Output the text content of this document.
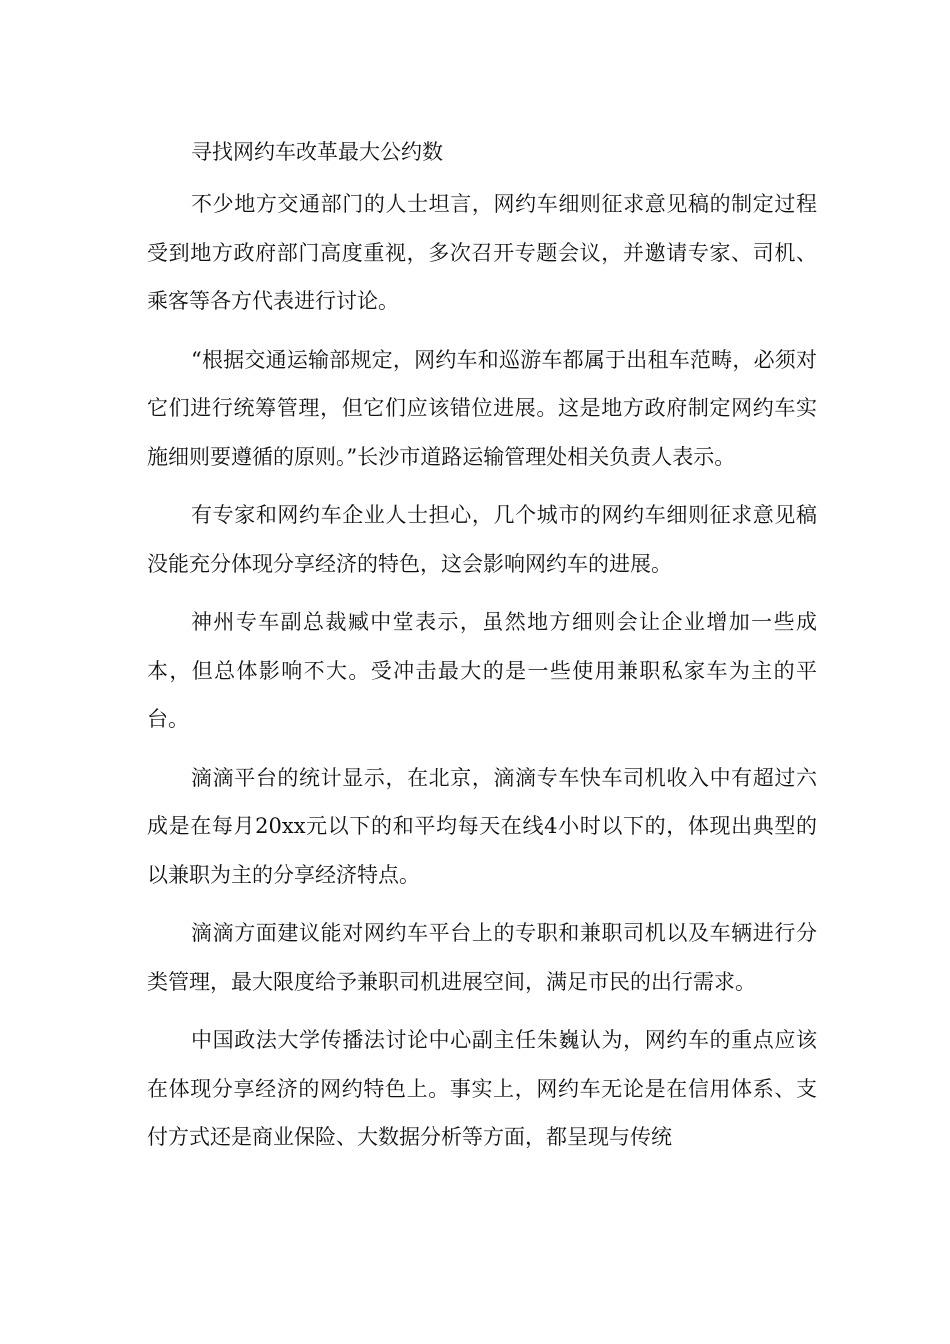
寻找网约车改革最大公约数

不少地方交通部门的人士坦言，网约车细则征求意见稿的制定过程受到地方政府部门高度重视，多次召开专题会议，并邀请专家、司机、乘客等各方代表进行讨论。

“根据交通运输部规定，网约车和巡游车都属于出租车范畴，必须对它们进行统筹管理，但它们应该错位进展。这是地方政府制定网约车实施细则要遵循的原则。”长沙市道路运输管理处相关负责人表示。

有专家和网约车企业人士担心，几个城市的网约车细则征求意见稿没能充分体现分享经济的特色，这会影响网约车的进展。

神州专车副总裁臧中堂表示，虽然地方细则会让企业增加一些成本，但总体影响不大。受冲击最大的是一些使用兼职私家车为主的平台。

滴滴平台的统计显示，在北京，滴滴专车快车司机收入中有超过六成是在每月20xx元以下的和平均每天在线4小时以下的，体现出典型的以兼职为主的分享经济特点。

滴滴方面建议能对网约车平台上的专职和兼职司机以及车辆进行分类管理，最大限度给予兼职司机进展空间，满足市民的出行需求。

中国政法大学传播法讨论中心副主任朱巍认为，网约车的重点应该在体现分享经济的网约特色上。事实上，网约车无论是在信用体系、支付方式还是商业保险、大数据分析等方面，都呈现与传统
